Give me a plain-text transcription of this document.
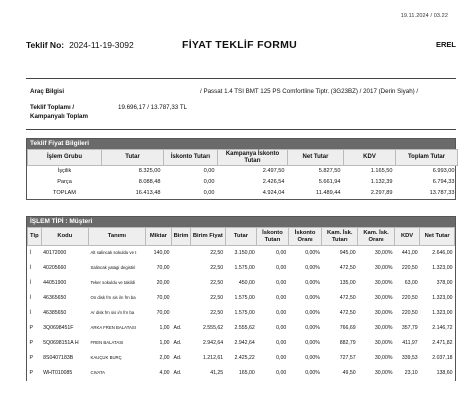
19.11.2024 / 03.22
Teklif No: 2024-11-19-3092	FİYAT TEKLİF FORMU	EREL
Araç Bilgisi	/ Passat 1.4 TSI BMT 125 PS Comfortline Tiptr. (3G23BZ) / 2017 (Derin Siyah) /
Teklif Toplamı /	19.696,17 / 13.787,33 TL
Kampanyalı Toplam
Teklif Fiyat Bilgileri
İşlem Grubu	Tutar	İskonto Tutarı	Kampanya İskonto Tutarı	Net Tutar	KDV	Toplam Tutar
İşçilik	8.325,00	0,00	2.497,50	5.827,50	1.165,50	6.993,00
Parça	8.088,48	0,00	2.426,54	5.661,94	1.132,39	6.794,33
TOPLAM	16.413,48	0,00	4.924,04	11.489,44	2.297,89	13.787,33
İŞLEM TİPİ : Müşteri
Tip	Kodu	Tanımı	Miktar	Birim	Birim Fiyat	Tutar	İskonto Tutarı	İskonto Oranı	Kam. İsk. Tutarı	Kam. İsk. Oranı	KDV	Net Tutar
İ	40172000	Alt salincak sokuldu ve t	140,00		22,50	3.150,00	0,00	0,00%	945,00	30,00%	441,00	2.646,00
İ	40205660	Salincak yatagi degistiri	70,00		22,50	1.575,00	0,00	0,00%	472,50	30,00%	220,50	1.323,00
İ	44051900	Teker sokuldu ve takildi	20,00		22,50	450,00	0,00	0,00%	135,00	30,00%	63,00	378,00
İ	46365650	On disk frn sis i/n frn ba	70,00		22,50	1.575,00	0,00	0,00%	472,50	30,00%	220,50	1.323,00
İ	46385650	Ar disk frn sis i/n frn ba	70,00		22,50	1.575,00	0,00	0,00%	472,50	30,00%	220,50	1.323,00
P	3Q0698451F	ARKA FREN BALATASI	1,00	Ad.	2.555,62	2.555,62	0,00	0,00%	766,69	30,00%	357,79	2.146,72
P	5Q0698151A H	FREN BALATASI	1,00	Ad.	2.942,64	2.942,64	0,00	0,00%	882,79	30,00%	411,97	2.471,82
P	8S0407183B	KAUÇUK BURÇ	2,00	Ad.	1.212,61	2.425,22	0,00	0,00%	727,57	30,00%	339,53	2.037,18
P	WHT010085	CIVATA	4,00	Ad.	41,25	165,00	0,00	0,00%	49,50	30,00%	23,10	138,60
